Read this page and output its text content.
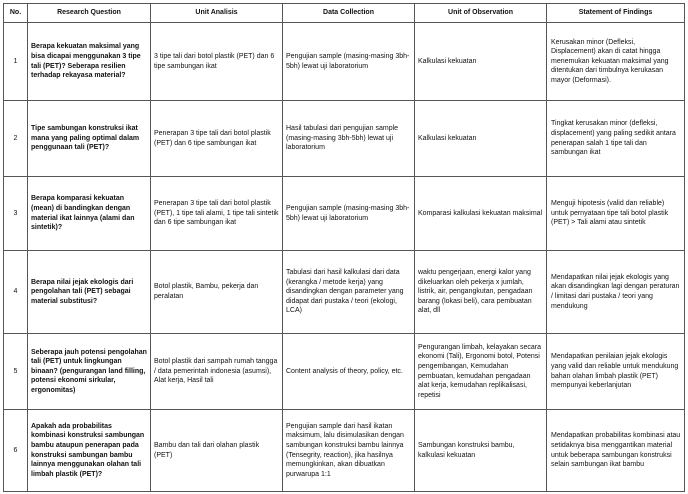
No.	Research Question	Unit Analisis	Data Collection	Unit of Observation	Statement of Findings
1	Berapa kekuatan maksimal yang bisa dicapai menggunakan 3 tipe tali (PET)? Seberapa resilien terhadap rekayasa material?	3 tipe tali dari botol plastik (PET) dan 6 tipe sambungan ikat	Pengujian sample (masing-masing 3bh-5bh) lewat uji laboratorium	Kalkulasi kekuatan	Kerusakan minor (Defleksi, Displacement) akan di catat hingga menemukan kekuatan maksimal yang ditentukan dari timbulnya kerukasan mayor (Deformasi).
2	Tipe sambungan konstruksi ikat mana yang paling optimal dalam penggunaan tali (PET)?	Penerapan 3 tipe tali dari botol plastik (PET) dan 6 tipe sambungan ikat	Hasil tabulasi dari pengujian sample (masing-masing 3bh-5bh) lewat uji laboratorium	Kalkulasi kekuatan	Tingkat kerusakan minor (defleksi, displacement) yang paling sedikit antara penerapan salah 1 tipe tali dan sambungan ikat
3	Berapa komparasi kekuatan (mean) di bandingkan dengan material ikat lainnya (alami dan sintetik)?	Penerapan 3 tipe tali dari botol plastik (PET), 1 tipe tali alami, 1 tipe tali sintetik dan 6 tipe sambungan ikat	Pengujian sample (masing-masing 3bh-5bh) lewat uji laboratorium	Komparasi kalkulasi kekuatan maksimal	Menguji hipotesis (valid dan reliable) untuk pernyataan tipe tali botol plastik (PET) > Tali alami atau sintetik
4	Berapa nilai jejak ekologis dari pengolahan tali (PET) sebagai material substitusi?	Botol plastik, Bambu, pekerja dan peralatan	Tabulasi dari hasil kalkulasi dari data (kerangka / metode kerja) yang disandingkan dengan parameter yang didapat dari pustaka / teori (ekologi, LCA)	waktu pengerjaan, energi kalor yang dikeluarkan oleh pekerja x jumlah, listrik, air, pengangkutan, pengadaan barang (lokasi beli), cara pembuatan alat, dll	Mendapatkan nilai jejak ekologis yang akan disandingkan lagi dengan peraturan / limitasi dari pustaka / teori yang mendukung
5	Seberapa jauh potensi pengolahan tali (PET) untuk lingkungan binaan? (pengurangan land filling, potensi ekonomi sirkular, ergonomitas)	Botol plastik dari sampah rumah tangga / data pemerintah indonesia (asumsi), Alat kerja, Hasil tali	Content analysis of theory, policy, etc.	Pengurangan limbah, kelayakan secara ekonomi (Tali), Ergonomi botol, Potensi pengembangan, Kemudahan pembuatan, kemudahan pengadaan alat kerja, kemudahan replikalisasi, repetisi	Mendapatkan penilaian jejak ekologis yang valid dan reliable untuk mendukung bahan olahan limbah plastik (PET) mempunyai keberlanjutan
6	Apakah ada probabilitas kombinasi konstruksi sambungan bambu ataupun penerapan pada konstruksi sambungan bambu lainnya menggunakan olahan tali limbah plastik (PET)?	Bambu dan tali dari olahan plastik (PET)	Pengujian sample dari hasil ikatan maksimum, lalu disimulasikan dengan sambungan konstruksi bambu lainnya (Tensegrity, reaction), jika hasilnya memungkinkan, akan dibuatkan purwarupa 1:1	Sambungan konstruksi bambu, kalkulasi kekuatan	Mendapatkan probabilitas kombinasi atau setidaknya bisa menggantikan material untuk beberapa sambungan konstruksi selain sambungan ikat bambu
